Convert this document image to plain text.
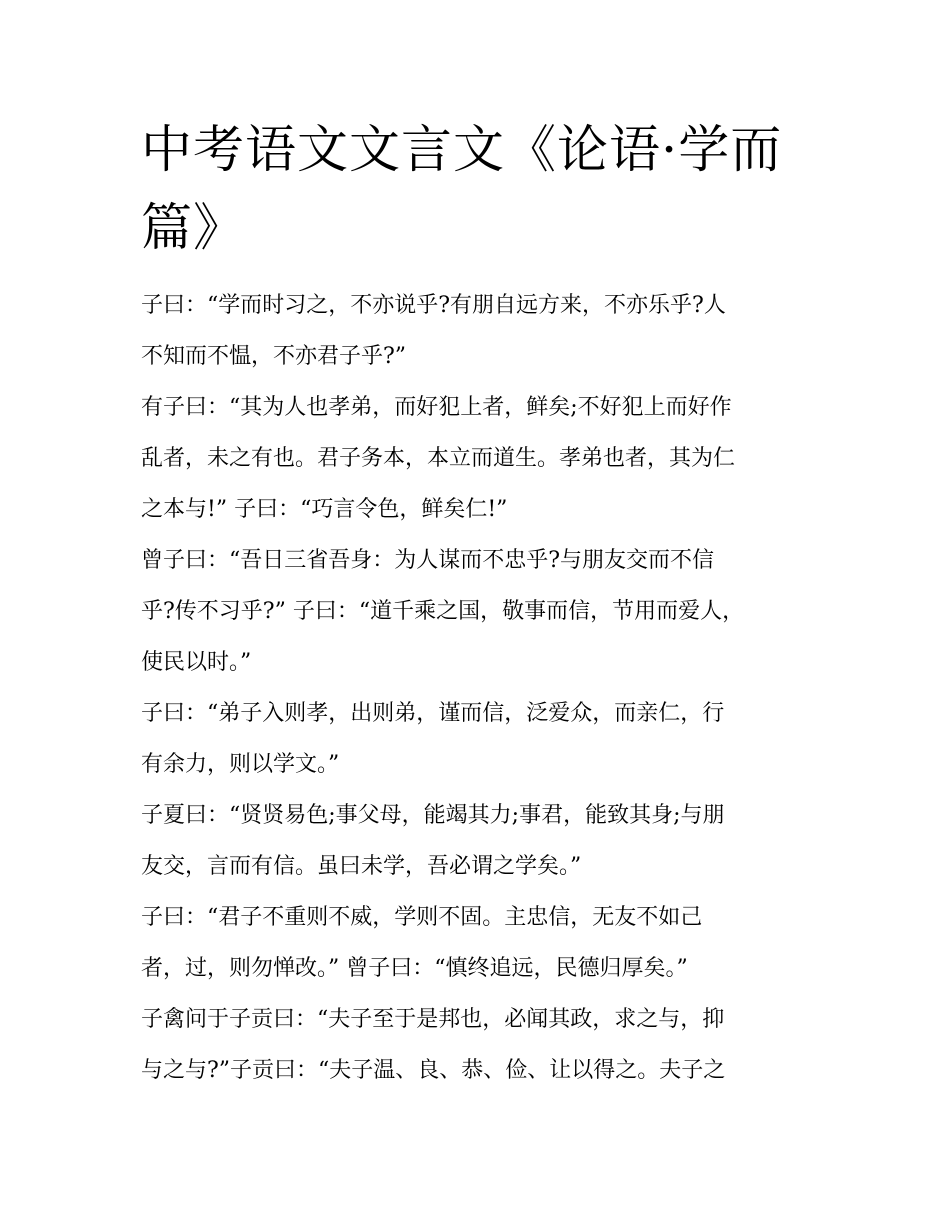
中考语文文言文《论语·学而
篇》
子曰：“学而时习之，不亦说乎?有朋自远方来，不亦乐乎?人
不知而不愠，不亦君子乎?”
有子曰：“其为人也孝弟，而好犯上者，鲜矣;不好犯上而好作
乱者，未之有也。君子务本，本立而道生。孝弟也者，其为仁
之本与!” 子曰：“巧言令色，鲜矣仁!”
曾子曰：“吾日三省吾身：为人谋而不忠乎?与朋友交而不信
乎?传不习乎?” 子曰：“道千乘之国，敬事而信，节用而爱人，
使民以时。”
子曰：“弟子入则孝，出则弟，谨而信，泛爱众，而亲仁，行
有余力，则以学文。”
子夏曰：“贤贤易色;事父母，能竭其力;事君，能致其身;与朋
友交，言而有信。虽曰未学，吾必谓之学矣。”
子曰：“君子不重则不威，学则不固。主忠信，无友不如己
者，过，则勿惮改。” 曾子曰：“慎终追远，民德归厚矣。”
子禽问于子贡曰：“夫子至于是邦也，必闻其政，求之与，抑
与之与?”子贡曰：“夫子温、良、恭、俭、让以得之。夫子之
